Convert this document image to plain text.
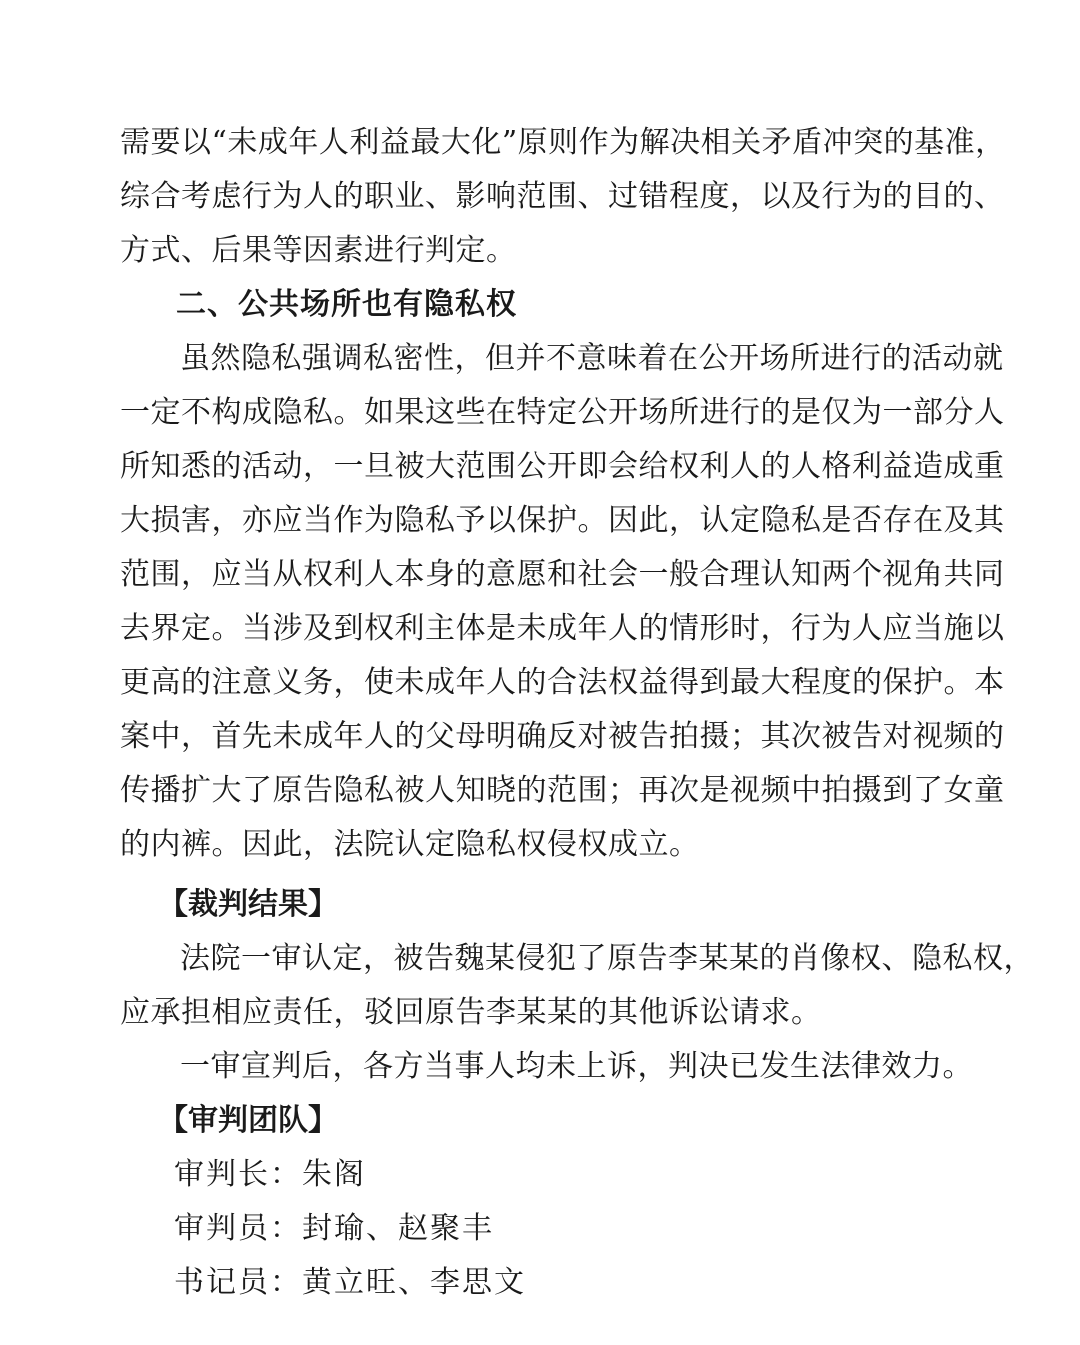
需要以“未成年人利益最大化”原则作为解决相关矛盾冲突的基准，
综合考虑行为人的职业、影响范围、过错程度，以及行为的目的、
方式、后果等因素进行判定。
二、公共场所也有隐私权
虽然隐私强调私密性，但并不意味着在公开场所进行的活动就
一定不构成隐私。如果这些在特定公开场所进行的是仅为一部分人
所知悉的活动，一旦被大范围公开即会给权利人的人格利益造成重
大损害，亦应当作为隐私予以保护。因此，认定隐私是否存在及其
范围，应当从权利人本身的意愿和社会一般合理认知两个视角共同
去界定。当涉及到权利主体是未成年人的情形时，行为人应当施以
更高的注意义务，使未成年人的合法权益得到最大程度的保护。本
案中，首先未成年人的父母明确反对被告拍摄；其次被告对视频的
传播扩大了原告隐私被人知晓的范围；再次是视频中拍摄到了女童
的内裤。因此，法院认定隐私权侵权成立。
【裁判结果】
法院一审认定，被告魏某侵犯了原告李某某的肖像权、隐私权，
应承担相应责任，驳回原告李某某的其他诉讼请求。
一审宣判后，各方当事人均未上诉，判决已发生法律效力。
【审判团队】
审判长：朱阁
审判员：封瑜、赵聚丰
书记员：黄立旺、李思文
